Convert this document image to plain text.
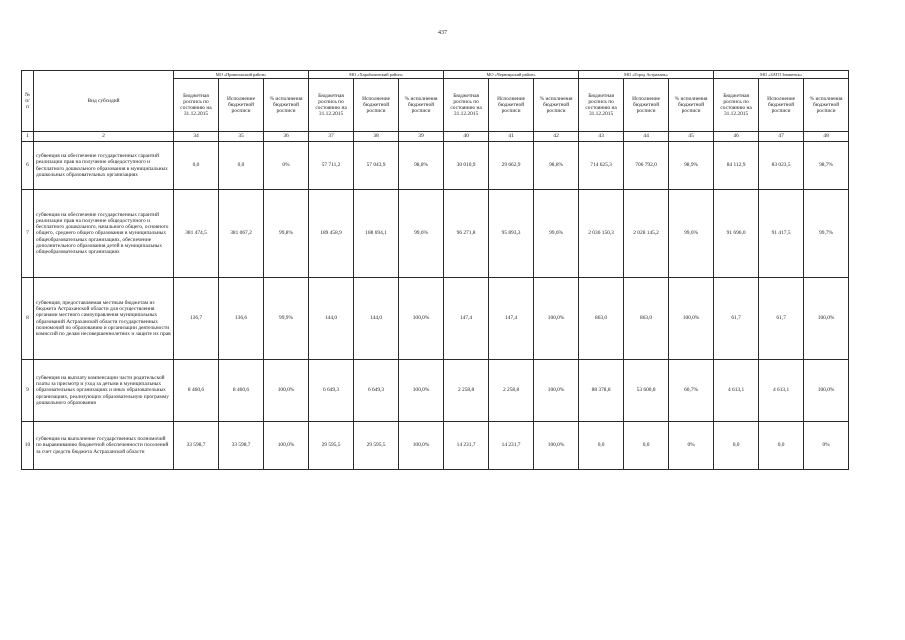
437
№ п/п	Вид субсидий	МО «Приволжский район»			МО «Харабалинский район»			МО «Черноярский район»			МО «Город Астрахань»			МО «ЗАТО Знаменск»		
		Бюджетная роспись по состоянию на 31.12.2015	Исполнение бюджетной росписи	% исполнения бюджетной росписи	Бюджетная роспись по состоянию на 31.12.2015	Исполнение бюджетной росписи	% исполнения бюджетной росписи	Бюджетная роспись по состоянию на 31.12.2015	Исполнение бюджетной росписи	% исполнения бюджетной росписи	Бюджетная роспись по состоянию на 31.12.2015	Исполнение бюджетной росписи	% исполнения бюджетной росписи	Бюджетная роспись по состоянию на 31.12.2015	Исполнение бюджетной росписи	% исполнения бюджетной росписи
1	2	34	35	36	37	38	39	40	41	42	43	44	45	46	47	48
6	субвенция на обеспечение государственных гарантий реализации прав на получение общедоступного и бесплатного дошкольного образования в муниципальных дошкольных образовательных организациях	0,0	0,0	0%	57 711,2	57 043,9	98,8%	30 010,9	29 662,9	98,8%	714 625,3	706 792,0	98,9%	84 112,9	83 023,5	98,7%
7	субвенция на обеспечение государственных гарантий реализации прав на получение общедоступного и бесплатного дошкольного, начального общего, основного общего, среднего общего образования в муниципальных общеобразовательных организациях, обеспечение дополнительного образования детей в муниципальных общеобразовательных организациях	381 474,5	381 067,2	99,8%	189 458,9	188 694,1	99,6%	96 271,8	95 893,3	99,6%	2 036 150,3	2 028 145,2	99,6%	91 696,0	91 417,5	99,7%
8	субвенция, предоставляемая местным бюджетам из бюджета Астраханской области для осуществления органами местного самоуправления муниципальных образований Астраханской области государственных полномочий по образованию и организации деятельности комиссий по делам несовершеннолетних и защите их прав	136,7	136,6	99,9%	144,0	144,0	100,0%	147,4	147,4	100,0%	863,0	863,0	100,0%	61,7	61,7	100,0%
9	субвенция на выплату компенсации части родительской платы за присмотр и уход за детьми в муниципальных образовательных организациях и иных образовательных организациях, реализующих образовательную программу дошкольного образования	8 460,6	8 460,6	100,0%	6 649,3	6 649,3	100,0%	2 258,8	2 258,8	100,0%	88 378,8	53 600,8	60,7%	4 613,1	4 613,1	100,0%
10	субвенция на выполнение государственных полномочий по выравниванию бюджетной обеспеченности поселений за счет средств бюджета Астраханской области	33 598,7	33 598,7	100,0%	29 595,5	29 595,5	100,0%	14 231,7	14 231,7	100,0%	0,0	0,0	0%	0,0	0,0	0%
